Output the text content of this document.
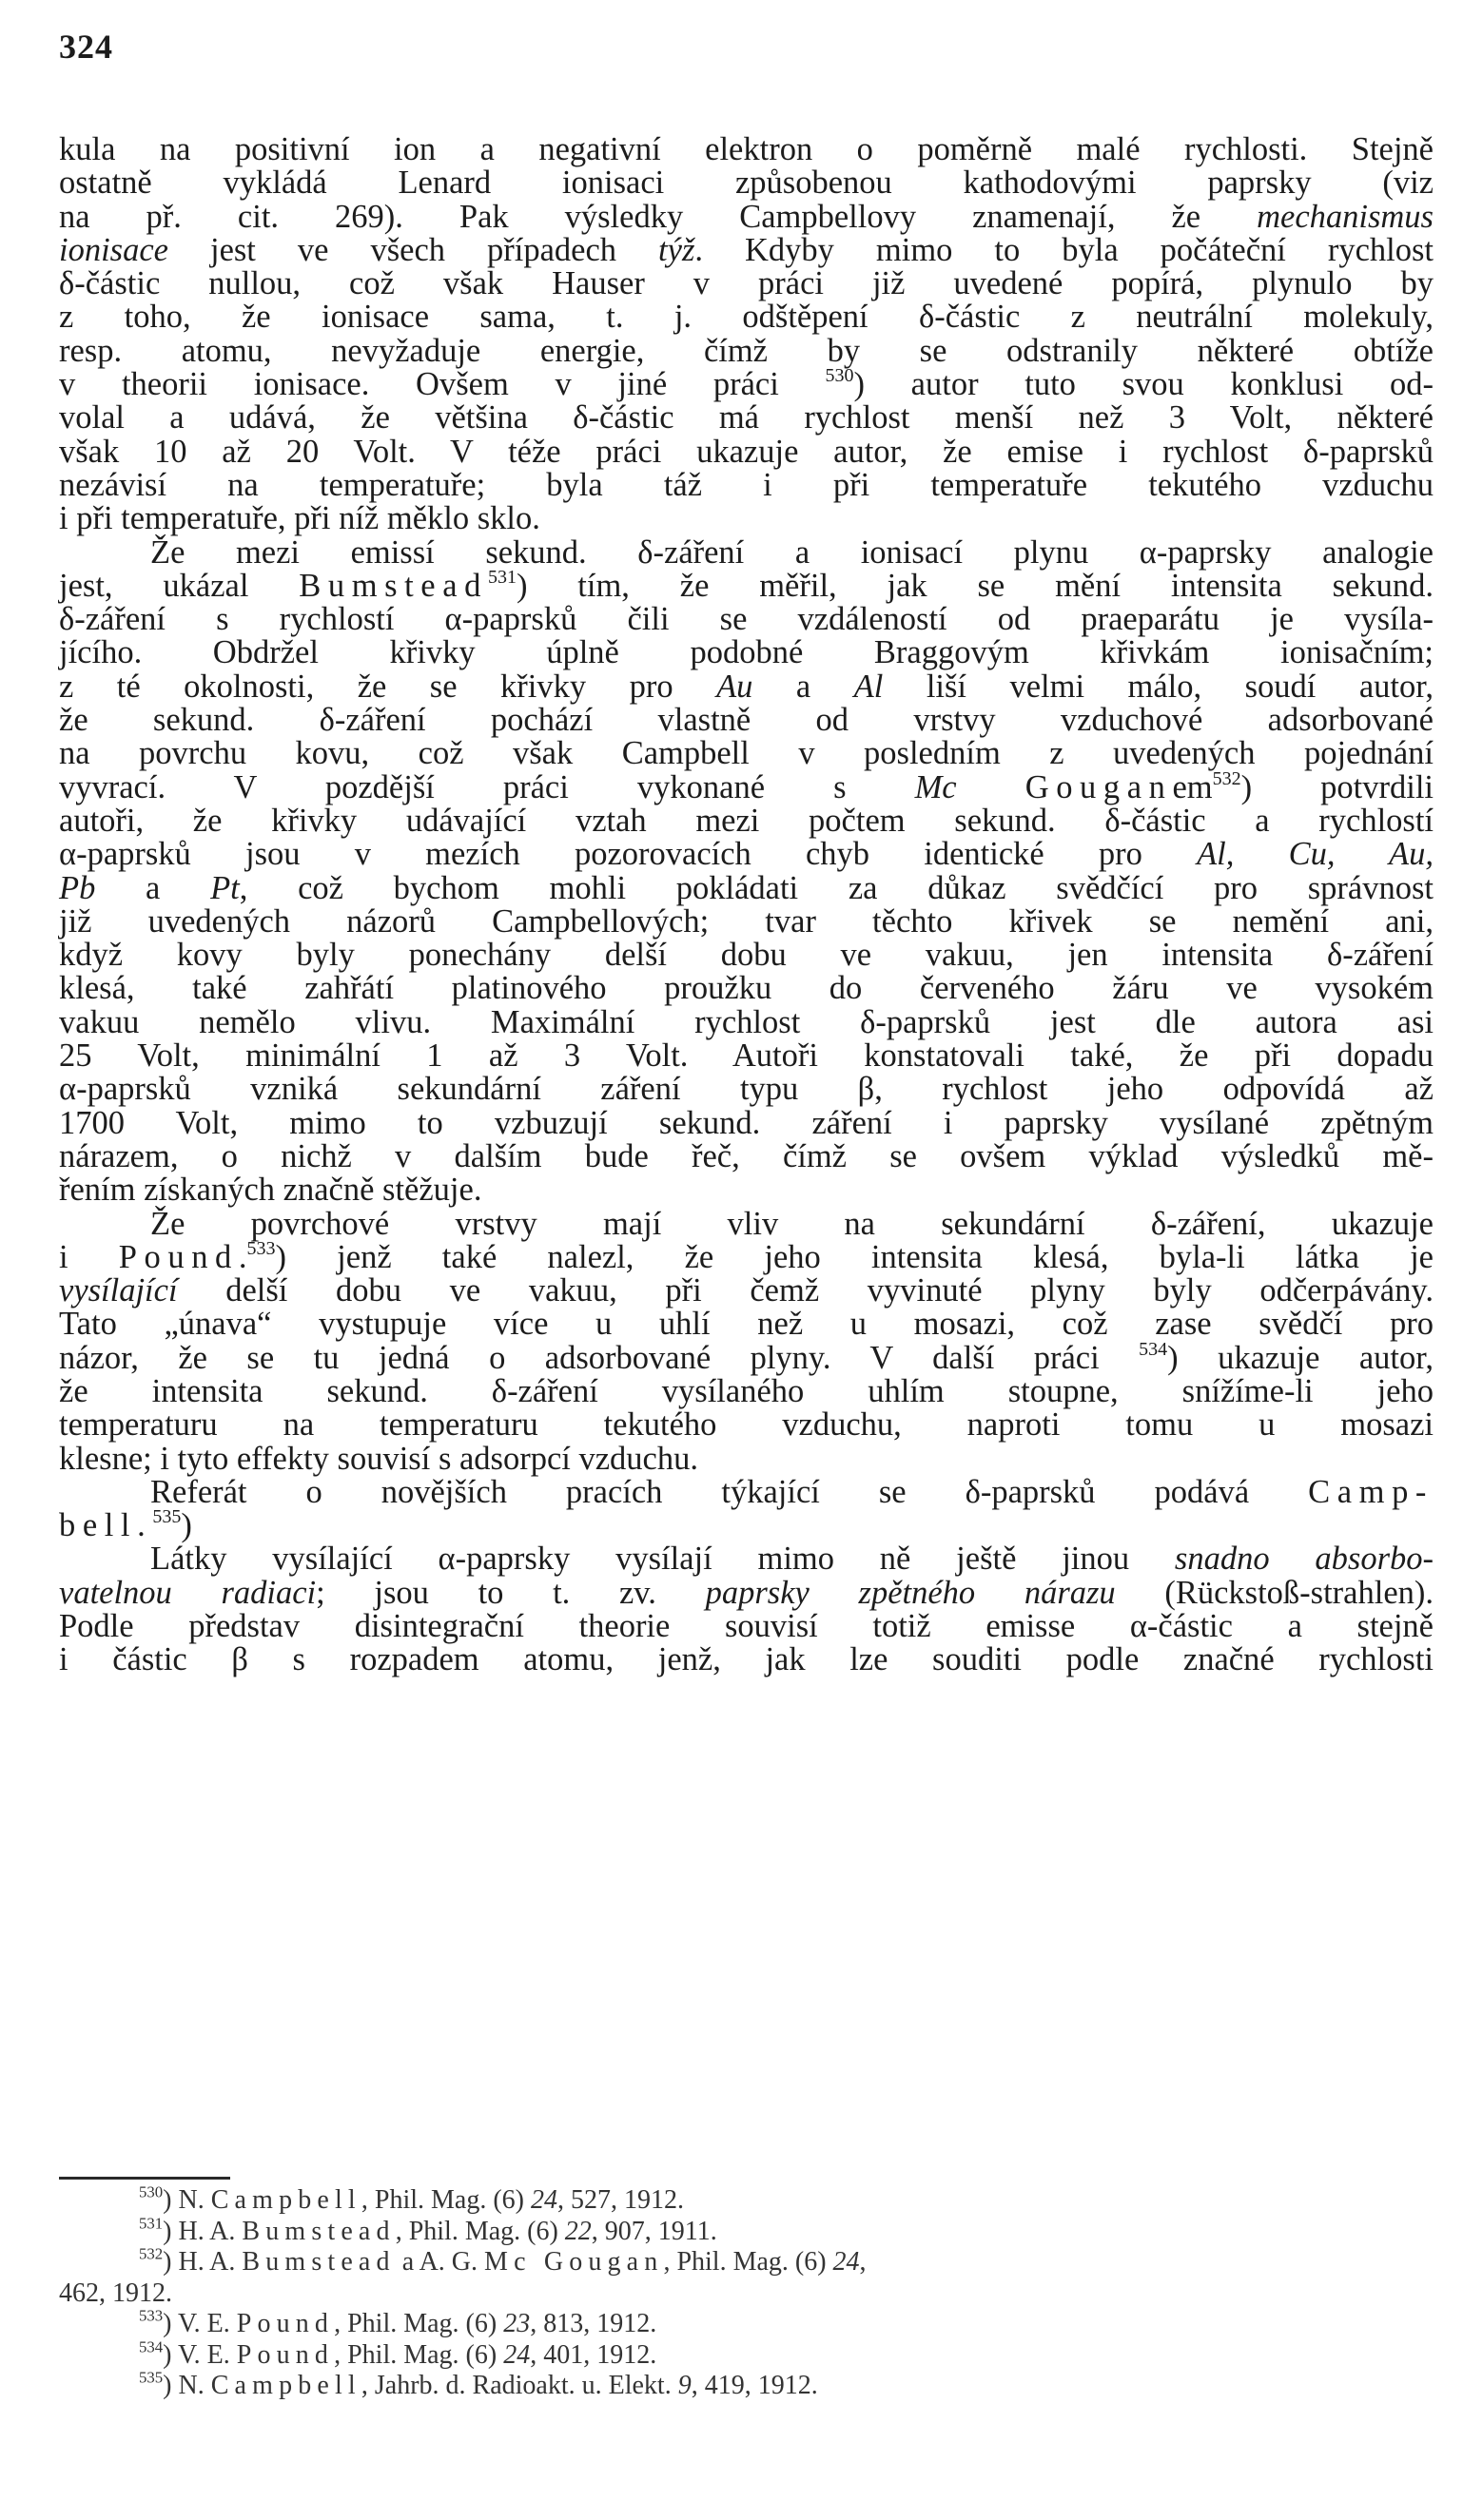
324
kula na positivní ion a negativní elektron o poměrně malé rychlosti. Stejně
ostatně vykládá Lenard ionisaci způsobenou kathodovými paprsky (viz
na př. cit. 269). Pak výsledky Campbellovy znamenají, že mechanismus
ionisace jest ve všech případech týž. Kdyby mimo to byla počáteční rychlost
δ-částic nullou, což však Hauser v práci již uvedené popírá, plynulo by
z toho, že ionisace sama, t. j. odštěpení δ-částic z neutrální molekuly,
resp. atomu, nevyžaduje energie, čímž by se odstranily některé obtíže
v theorii ionisace. Ovšem v jiné práci $^{530}$) autor tuto svou konklusi od-
volal a udává, že většina δ-částic má rychlost menší než 3 Volt, některé
však 10 až 20 Volt. V téže práci ukazuje autor, že emise i rychlost δ-paprsků
nezávisí na temperatuře; byla táž i při temperatuře tekutého vzduchu
i při temperatuře, při níž měklo sklo.
Že mezi emissí sekund. δ-záření a ionisací plynu α-paprsky analogie
jest, ukázal Bumstead$^{531}$) tím, že měřil, jak se mění intensita sekund.
δ-záření s rychlostí α-paprsků čili se vzdáleností od praeparátu je vysíla-
jícího. Obdržel křivky úplně podobné Braggovým křivkám ionisačním;
z té okolnosti, že se křivky pro Au a Al liší velmi málo, soudí autor,
že sekund. δ-záření pochází vlastně od vrstvy vzduchové adsorbované
na povrchu kovu, což však Campbell v posledním z uvedených pojednání
vyvrací. V pozdější práci vykonané s Mc Gouganem$^{532}$) potvrdili
autoři, že křivky udávající vztah mezi počtem sekund. δ-částic a rychlostí
α-paprsků jsou v mezích pozorovacích chyb identické pro Al, Cu, Au,
Pb a Pt, což bychom mohli pokládati za důkaz svědčící pro správnost
již uvedených názorů Campbellových; tvar těchto křivek se nemění ani,
když kovy byly ponechány delší dobu ve vakuu, jen intensita δ-záření
klesá, také zahřátí platinového proužku do červeného žáru ve vysokém
vakuu nemělo vlivu. Maximální rychlost δ-paprsků jest dle autora asi
25 Volt, minimální 1 až 3 Volt. Autoři konstatovali také, že při dopadu
α-paprsků vzniká sekundární záření typu β, rychlost jeho odpovídá až
1700 Volt, mimo to vzbuzují sekund. záření i paprsky vysílané zpětným
nárazem, o nichž v dalším bude řeč, čímž se ovšem výklad výsledků mě-
řením získaných značně stěžuje.
Že povrchové vrstvy mají vliv na sekundární δ-záření, ukazuje
i Pound.$^{533}$) jenž také nalezl, že jeho intensita klesá, byla-li látka je
vysílající delší dobu ve vakuu, při čemž vyvinuté plyny byly odčerpávány.
Tato „únava“ vystupuje více u uhlí než u mosazi, což zase svědčí pro
názor, že se tu jedná o adsorbované plyny. V další práci $^{534}$) ukazuje autor,
že intensita sekund. δ-záření vysílaného uhlím stoupne, snížíme-li jeho
temperaturu na temperaturu tekutého vzduchu, naproti tomu u mosazi
klesne; i tyto effekty souvisí s adsorpcí vzduchu.
Referát o novějších pracích týkající se δ-paprsků podává Camp-
bell.$^{535}$)
Látky vysílající α-paprsky vysílají mimo ně ještě jinou snadno absorbo-
vatelnou radiaci; jsou to t. zv. paprsky zpětného nárazu (Rückstoß-strahlen).
Podle představ disintegrační theorie souvisí totiž emisse α-částic a stejně
i částic β s rozpadem atomu, jenž, jak lze souditi podle značné rychlosti
$^{530}$) N. Campbell, Phil. Mag. (6) 24, 527, 1912.
$^{531}$) H. A. Bumstead, Phil. Mag. (6) 22, 907, 1911.
$^{532}$) H. A. Bumstead a A. G. Mc Gougan, Phil. Mag. (6) 24,
462, 1912.
$^{533}$) V. E. Pound, Phil. Mag. (6) 23, 813, 1912.
$^{534}$) V. E. Pound, Phil. Mag. (6) 24, 401, 1912.
$^{535}$) N. Campbell, Jahrb. d. Radioakt. u. Elekt. 9, 419, 1912.
